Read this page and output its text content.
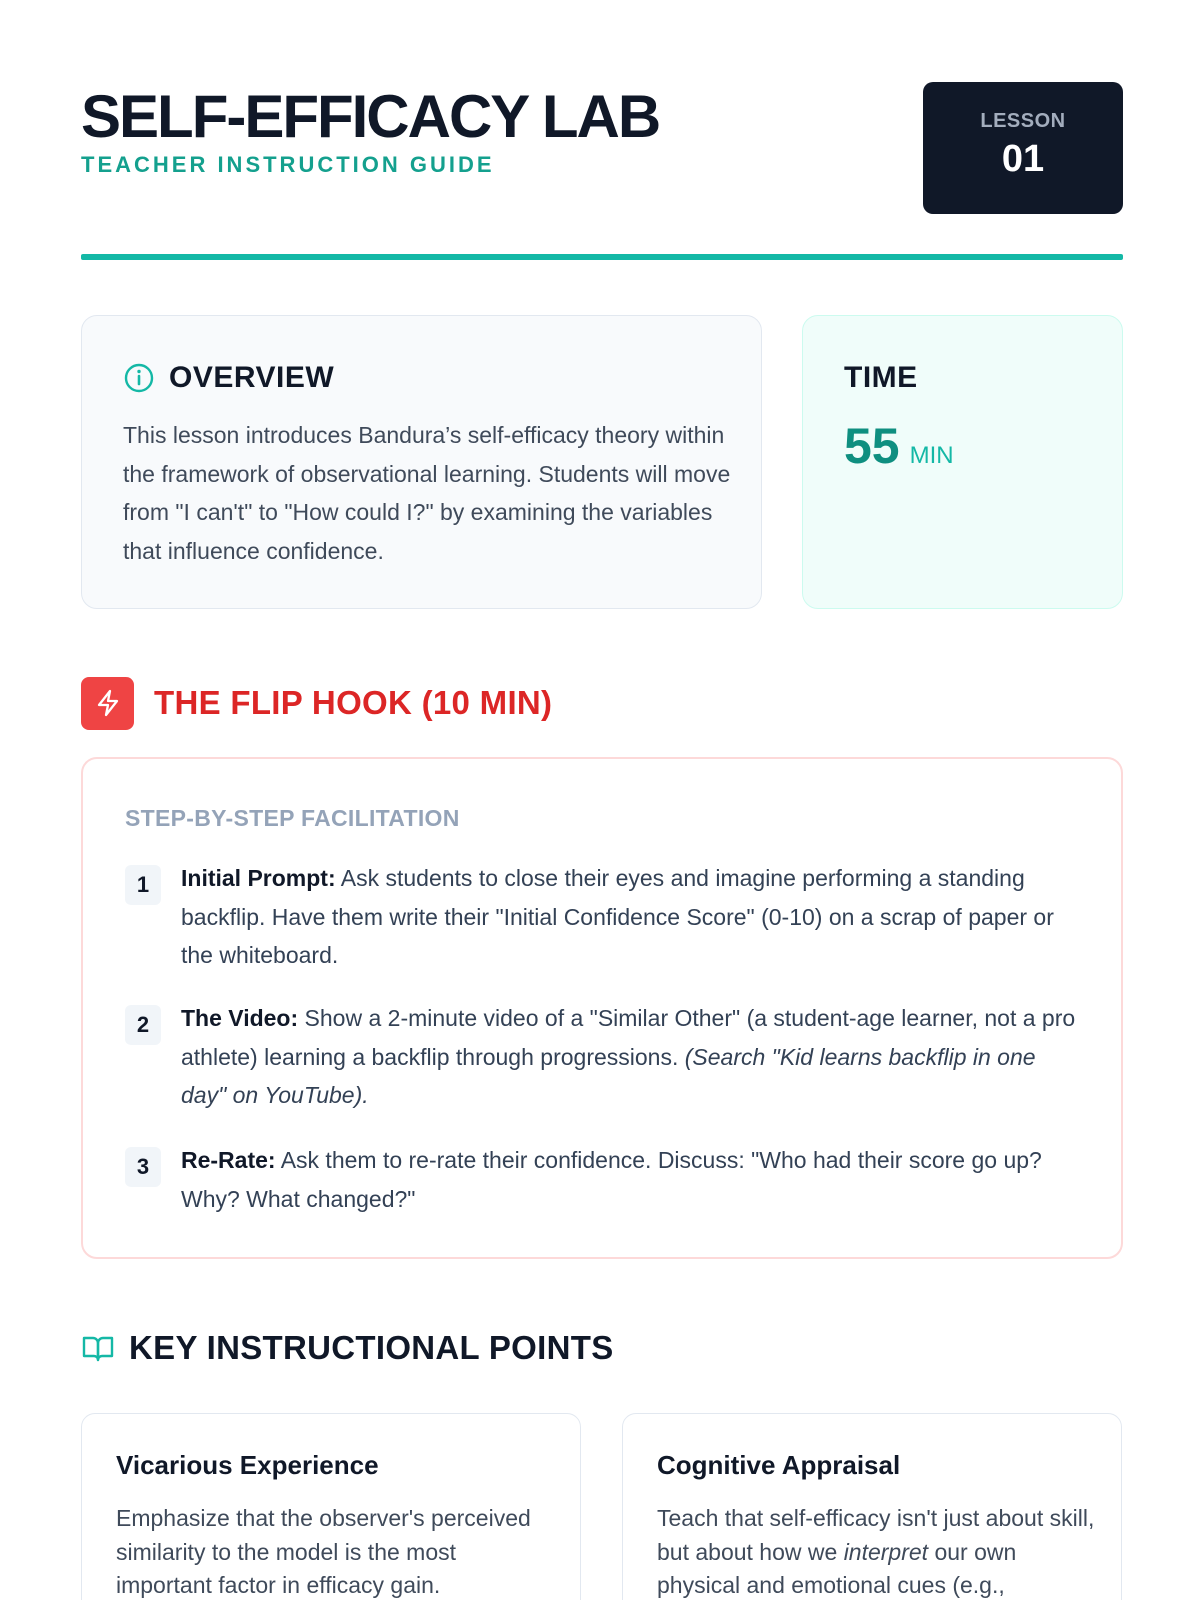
SELF-EFFICACY LAB
TEACHER INSTRUCTION GUIDE
LESSON
01
OVERVIEW

This lesson introduces Bandura’s self-efficacy theory within the framework of observational learning. Students will move from "I can't" to "How could I?" by examining the variables that influence confidence.

TIME
55 MIN
THE FLIP HOOK (10 MIN)
STEP-BY-STEP FACILITATION
1	Initial Prompt: Ask students to close their eyes and imagine performing a standing backflip. Have them write their "Initial Confidence Score" (0-10) on a scrap of paper or the whiteboard.
2	The Video: Show a 2-minute video of a "Similar Other" (a student-age learner, not a pro athlete) learning a backflip through progressions. (Search "Kid learns backflip in one day" on YouTube).
3	Re-Rate: Ask them to re-rate their confidence. Discuss: "Who had their score go up? Why? What changed?"
KEY INSTRUCTIONAL POINTS
Vicarious Experience

Emphasize that the observer's perceived similarity to the model is the most important factor in efficacy gain.

Cognitive Appraisal

Teach that self-efficacy isn't just about skill, but about how we interpret our own physical and emotional cues (e.g.,
